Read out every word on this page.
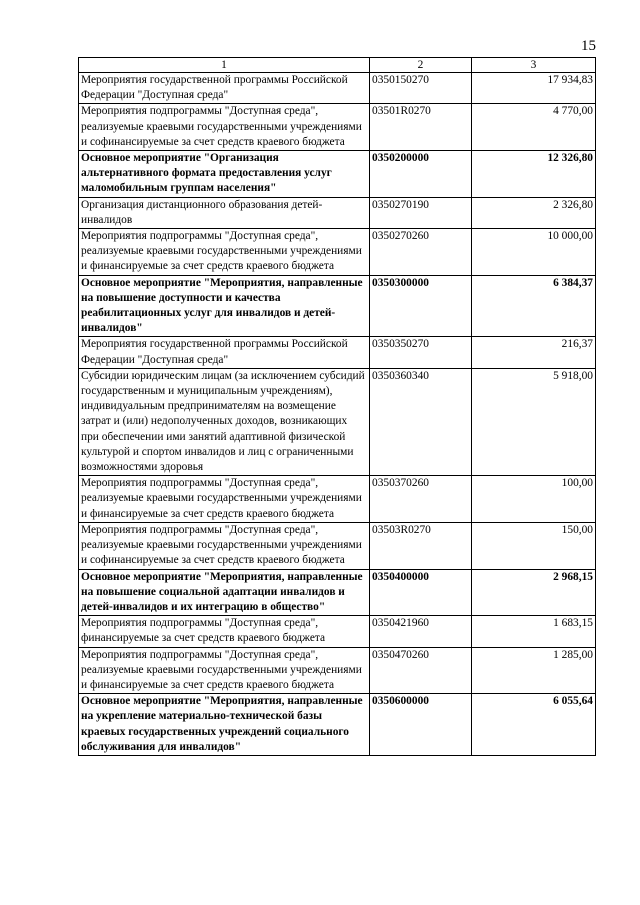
15
1	2	3
Мероприятия государственной программы Российской Федерации "Доступная среда"	0350150270	17 934,83
Мероприятия подпрограммы "Доступная среда", реализуемые краевыми государственными учреждениями и софинансируемые за счет средств краевого бюджета	03501R0270	4 770,00
Основное мероприятие "Организация альтернативного формата предоставления услуг маломобильным группам населения"	0350200000	12 326,80
Организация дистанционного образования детей-инвалидов	0350270190	2 326,80
Мероприятия подпрограммы "Доступная среда", реализуемые краевыми государственными учреждениями и финансируемые за счет средств краевого бюджета	0350270260	10 000,00
Основное мероприятие "Мероприятия, направленные на повышение доступности и качества реабилитационных услуг для инвалидов и детей-инвалидов"	0350300000	6 384,37
Мероприятия государственной программы Российской Федерации "Доступная среда"	0350350270	216,37
Субсидии юридическим лицам (за исключением субсидий государственным и муниципальным учреждениям), индивидуальным предпринимателям на возмещение затрат и (или) недополученных доходов, возникающих при обеспечении ими занятий адаптивной физической культурой и спортом инвалидов и лиц с ограниченными возможностями здоровья	0350360340	5 918,00
Мероприятия подпрограммы "Доступная среда", реализуемые краевыми государственными учреждениями и финансируемые за счет средств краевого бюджета	0350370260	100,00
Мероприятия подпрограммы "Доступная среда", реализуемые краевыми государственными учреждениями и софинансируемые за счет средств краевого бюджета	03503R0270	150,00
Основное мероприятие "Мероприятия, направленные на повышение социальной адаптации инвалидов и детей-инвалидов и их интеграцию в общество"	0350400000	2 968,15
Мероприятия подпрограммы "Доступная среда", финансируемые за счет средств краевого бюджета	0350421960	1 683,15
Мероприятия подпрограммы "Доступная среда", реализуемые краевыми государственными учреждениями и финансируемые за счет средств краевого бюджета	0350470260	1 285,00
Основное мероприятие "Мероприятия, направленные на укрепление материально-технической базы краевых государственных учреждений социального обслуживания для инвалидов"	0350600000	6 055,64
